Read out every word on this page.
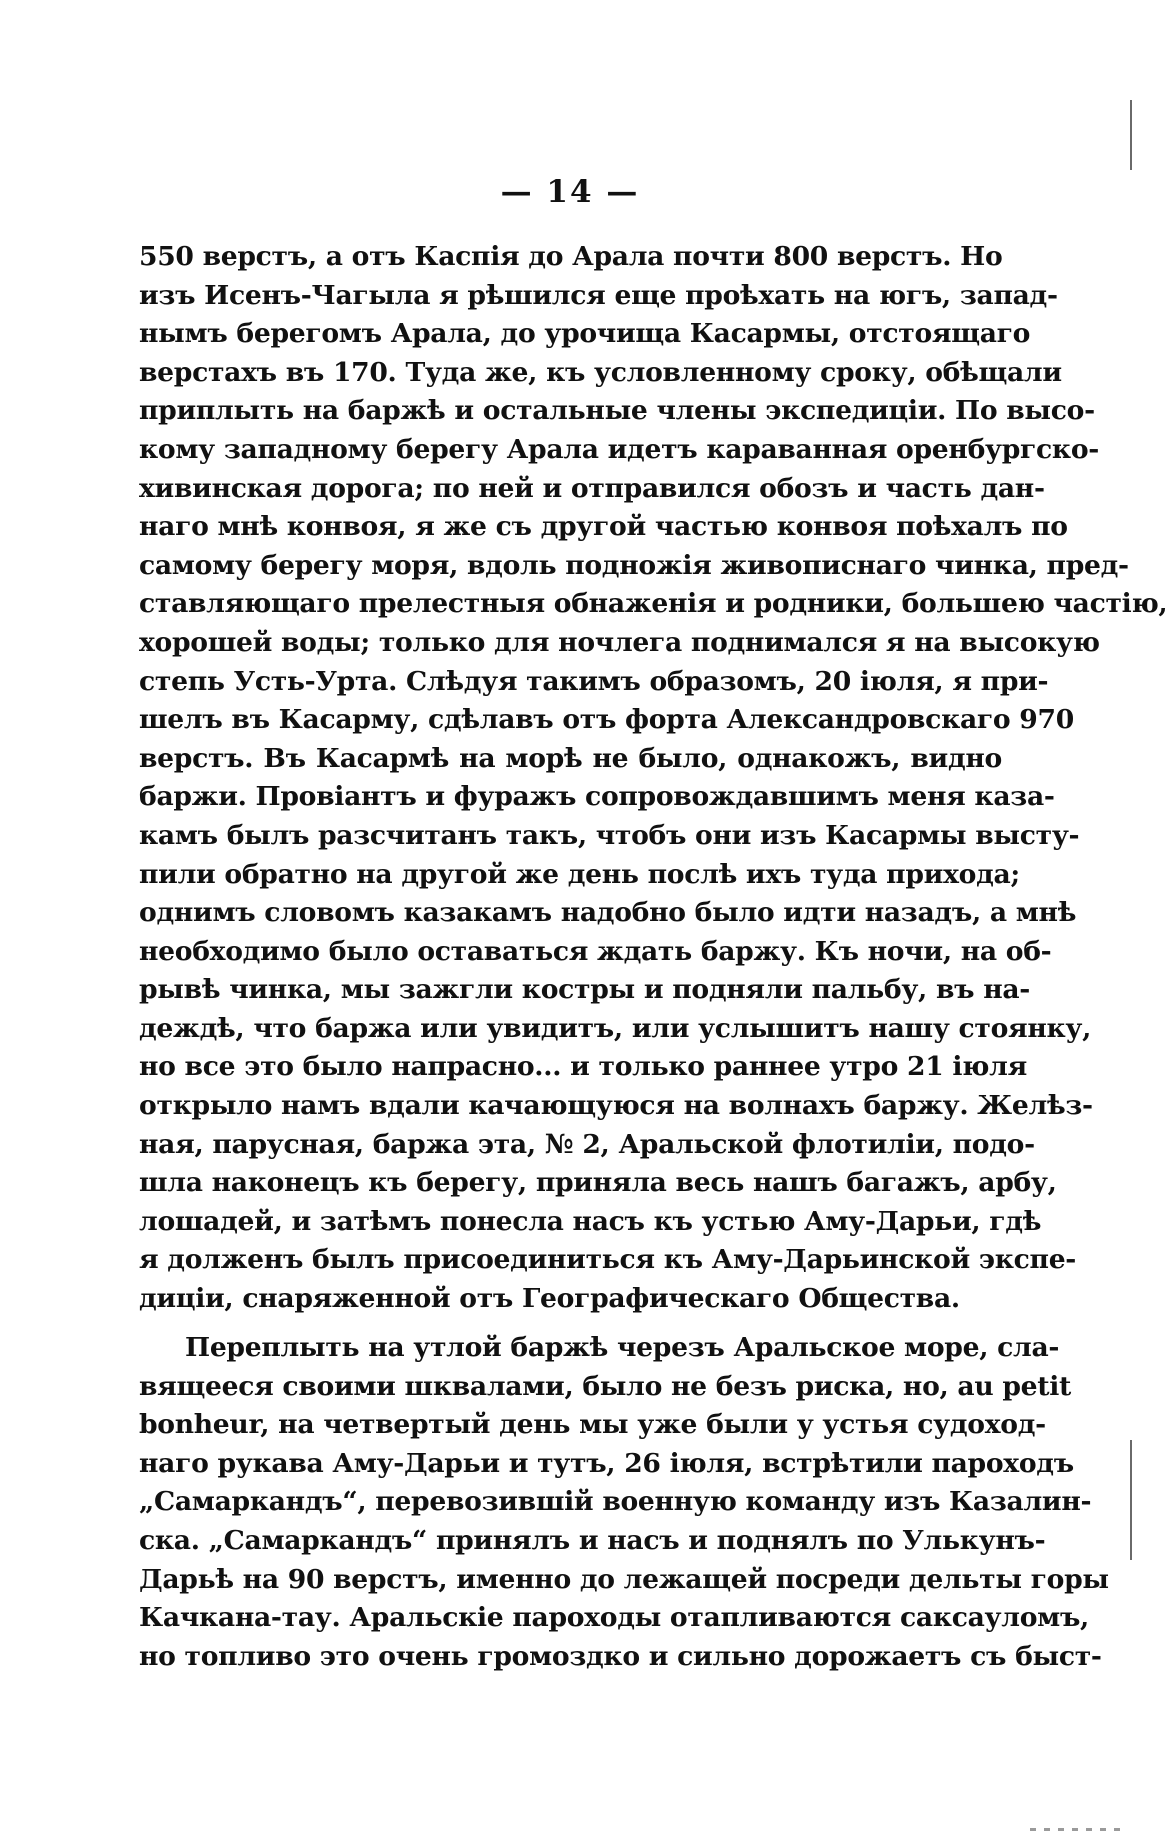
— 14 —
550 верстъ, а отъ Каспія до Арала почти 800 верстъ. Но
изъ Исенъ-Чагыла я рѣшился еще проѣхать на югъ, запад-
нымъ берегомъ Арала, до урочища Касармы, отстоящаго
верстахъ въ 170. Туда же, къ условленному сроку, обѣщали
приплыть на баржѣ и остальные члены экспедиціи. По высо-
кому западному берегу Арала идетъ караванная оренбургско-
хивинская дорога; по ней и отправился обозъ и часть дан-
наго мнѣ конвоя, я же съ другой частью конвоя поѣхалъ по
самому берегу моря, вдоль подножія живописнаго чинка, пред-
ставляющаго прелестныя обнаженія и родники, большею частію,
хорошей воды; только для ночлега поднимался я на высокую
степь Усть-Урта. Слѣдуя такимъ образомъ, 20 іюля, я при-
шелъ въ Касарму, сдѣлавъ отъ форта Александровскаго 970
верстъ. Въ Касармѣ на морѣ не было, однакожъ, видно
баржи. Провіантъ и фуражъ сопровождавшимъ меня каза-
камъ былъ разсчитанъ такъ, чтобъ они изъ Касармы высту-
пили обратно на другой же день послѣ ихъ туда прихода;
однимъ словомъ казакамъ надобно было идти назадъ, а мнѣ
необходимо было оставаться ждать баржу. Къ ночи, на об-
рывѣ чинка, мы зажгли костры и подняли пальбу, въ на-
деждѣ, что баржа или увидитъ, или услышитъ нашу стоянку,
но все это было напрасно... и только раннее утро 21 іюля
открыло намъ вдали качающуюся на волнахъ баржу. Желѣз-
ная, парусная, баржа эта, № 2, Аральской флотиліи, подо-
шла наконецъ къ берегу, приняла весь нашъ багажъ, арбу,
лошадей, и затѣмъ понесла насъ къ устью Аму-Дарьи, гдѣ
я долженъ былъ присоединиться къ Аму-Дарьинской экспе-
диціи, снаряженной отъ Географическаго Общества.
Переплыть на утлой баржѣ черезъ Аральское море, сла-
вящееся своими шквалами, было не безъ риска, но, au petit
bonheur, на четвертый день мы уже были у устья судоход-
наго рукава Аму-Дарьи и тутъ, 26 іюля, встрѣтили пароходъ
„Самаркандъ“, перевозившій военную команду изъ Казалин-
ска. „Самаркандъ“ принялъ и насъ и поднялъ по Улькунъ-
Дарьѣ на 90 верстъ, именно до лежащей посреди дельты горы
Качкана-тау. Аральскіе пароходы отапливаются саксауломъ,
но топливо это очень громоздко и сильно дорожаетъ съ быст-
